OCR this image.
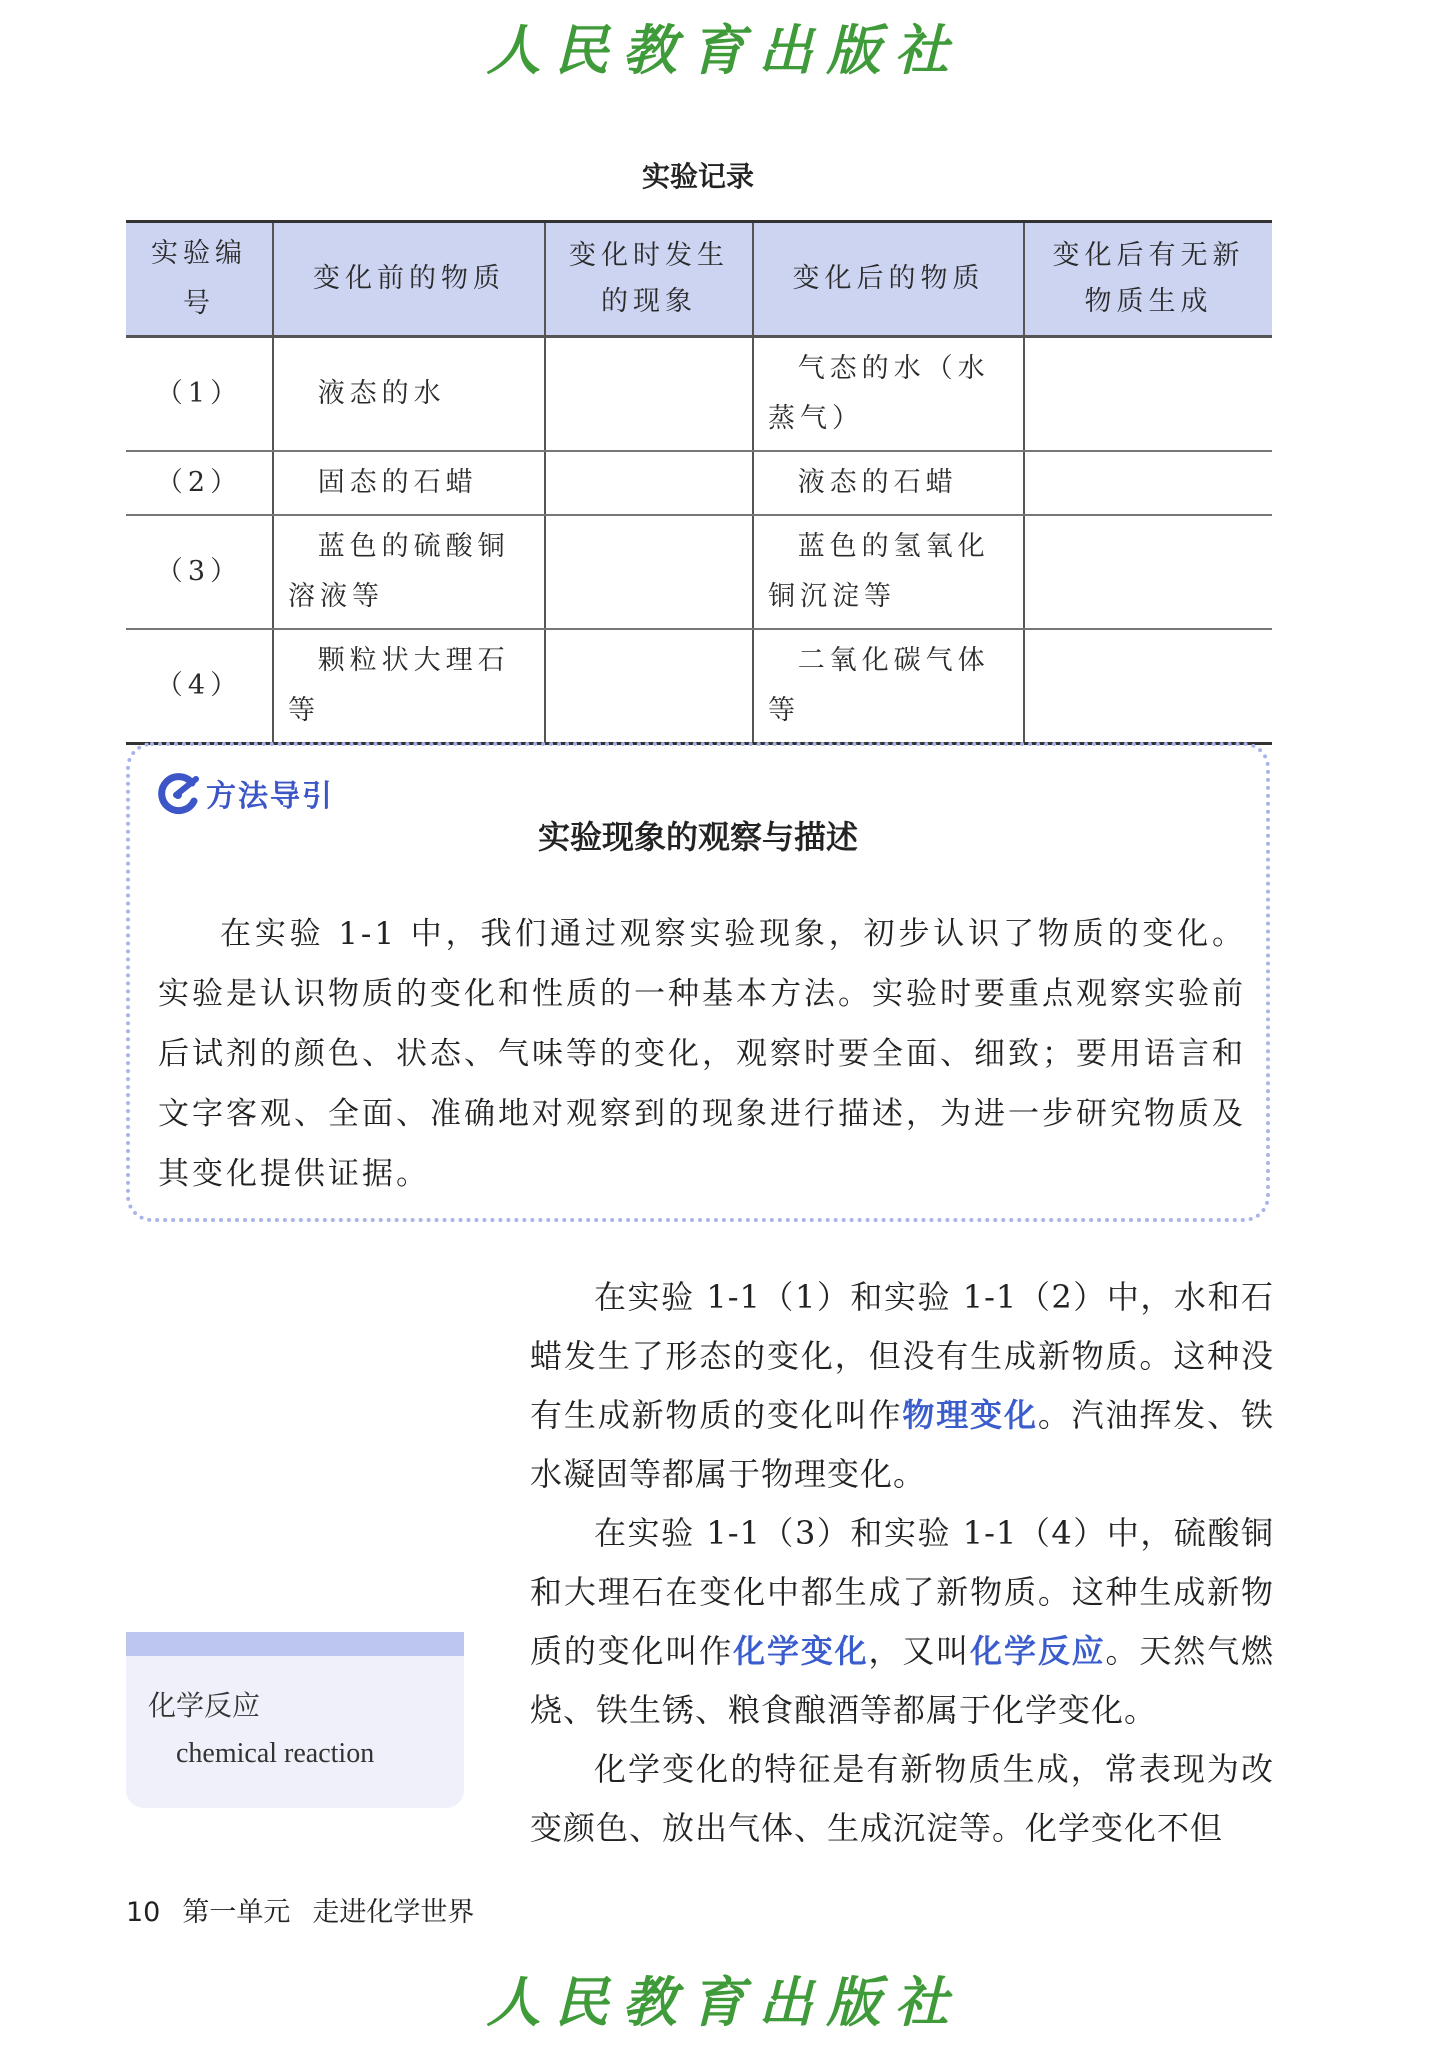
人民教育出版社
实验记录
实验编号	变化前的物质	变化时发生的现象	变化后的物质	变化后有无新物质生成
（1）	液态的水		气态的水（水蒸气）	
（2）	固态的石蜡		液态的石蜡	
（3）	蓝色的硫酸铜溶液等		蓝色的氢氧化铜沉淀等	
（4）	颗粒状大理石等		二氧化碳气体等	
方法导引
实验现象的观察与描述
在实验 1-1 中，我们通过观察实验现象，初步认识了物质的变化。实验是认识物质的变化和性质的一种基本方法。实验时要重点观察实验前后试剂的颜色、状态、气味等的变化，观察时要全面、细致；要用语言和文字客观、全面、准确地对观察到的现象进行描述，为进一步研究物质及其变化提供证据。

在实验 1-1（1）和实验 1-1（2）中，水和石蜡发生了形态的变化，但没有生成新物质。这种没有生成新物质的变化叫作物理变化。汽油挥发、铁水凝固等都属于物理变化。

在实验 1-1（3）和实验 1-1（4）中，硫酸铜和大理石在变化中都生成了新物质。这种生成新物质的变化叫作化学变化，又叫化学反应。天然气燃烧、铁生锈、粮食酿酒等都属于化学变化。

化学变化的特征是有新物质生成，常表现为改变颜色、放出气体、生成沉淀等。化学变化不但

化学反应
chemical reaction
10 第一单元 走进化学世界
人民教育出版社
